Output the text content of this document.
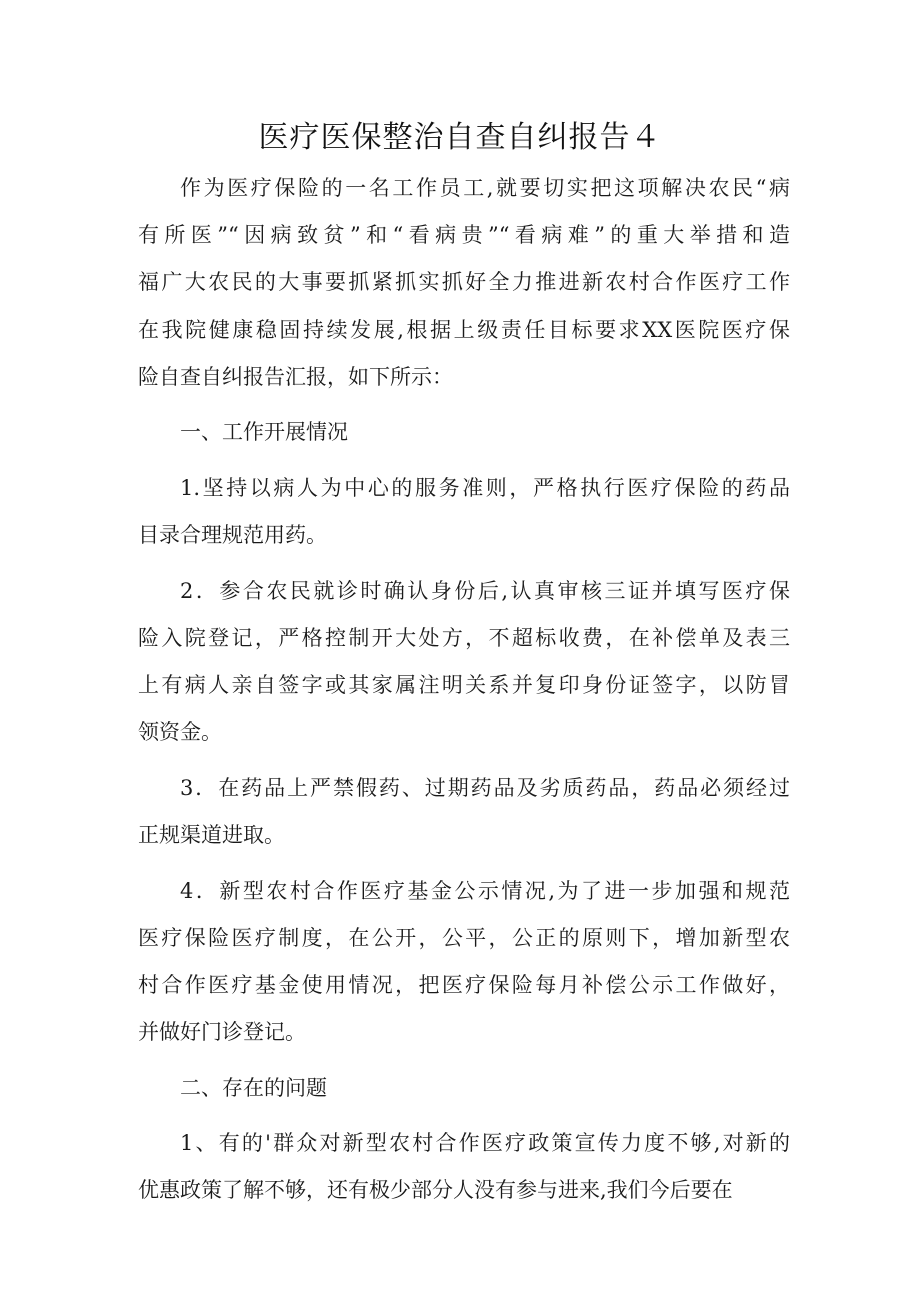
医疗医保整治自查自纠报告４
作为医疗保险的一名工作员工,就要切实把这项解决农民“病
有所医”“因病致贫”和“看病贵”“看病难”的重大举措和造
福广大农民的大事要抓紧抓实抓好全力推进新农村合作医疗工作
在我院健康稳固持续发展,根据上级责任目标要求XX医院医疗保
险自查自纠报告汇报，如下所示：
一、工作开展情况
1.坚持以病人为中心的服务准则，严格执行医疗保险的药品
目录合理规范用药。
2．参合农民就诊时确认身份后,认真审核三证并填写医疗保
险入院登记，严格控制开大处方，不超标收费，在补偿单及表三
上有病人亲自签字或其家属注明关系并复印身份证签字，以防冒
领资金。
3．在药品上严禁假药、过期药品及劣质药品，药品必须经过
正规渠道进取。
4．新型农村合作医疗基金公示情况,为了进一步加强和规范
医疗保险医疗制度，在公开，公平，公正的原则下，增加新型农
村合作医疗基金使用情况，把医疗保险每月补偿公示工作做好，
并做好门诊登记。
二、存在的问题
1、有的'群众对新型农村合作医疗政策宣传力度不够,对新的
优惠政策了解不够，还有极少部分人没有参与进来,我们今后要在
